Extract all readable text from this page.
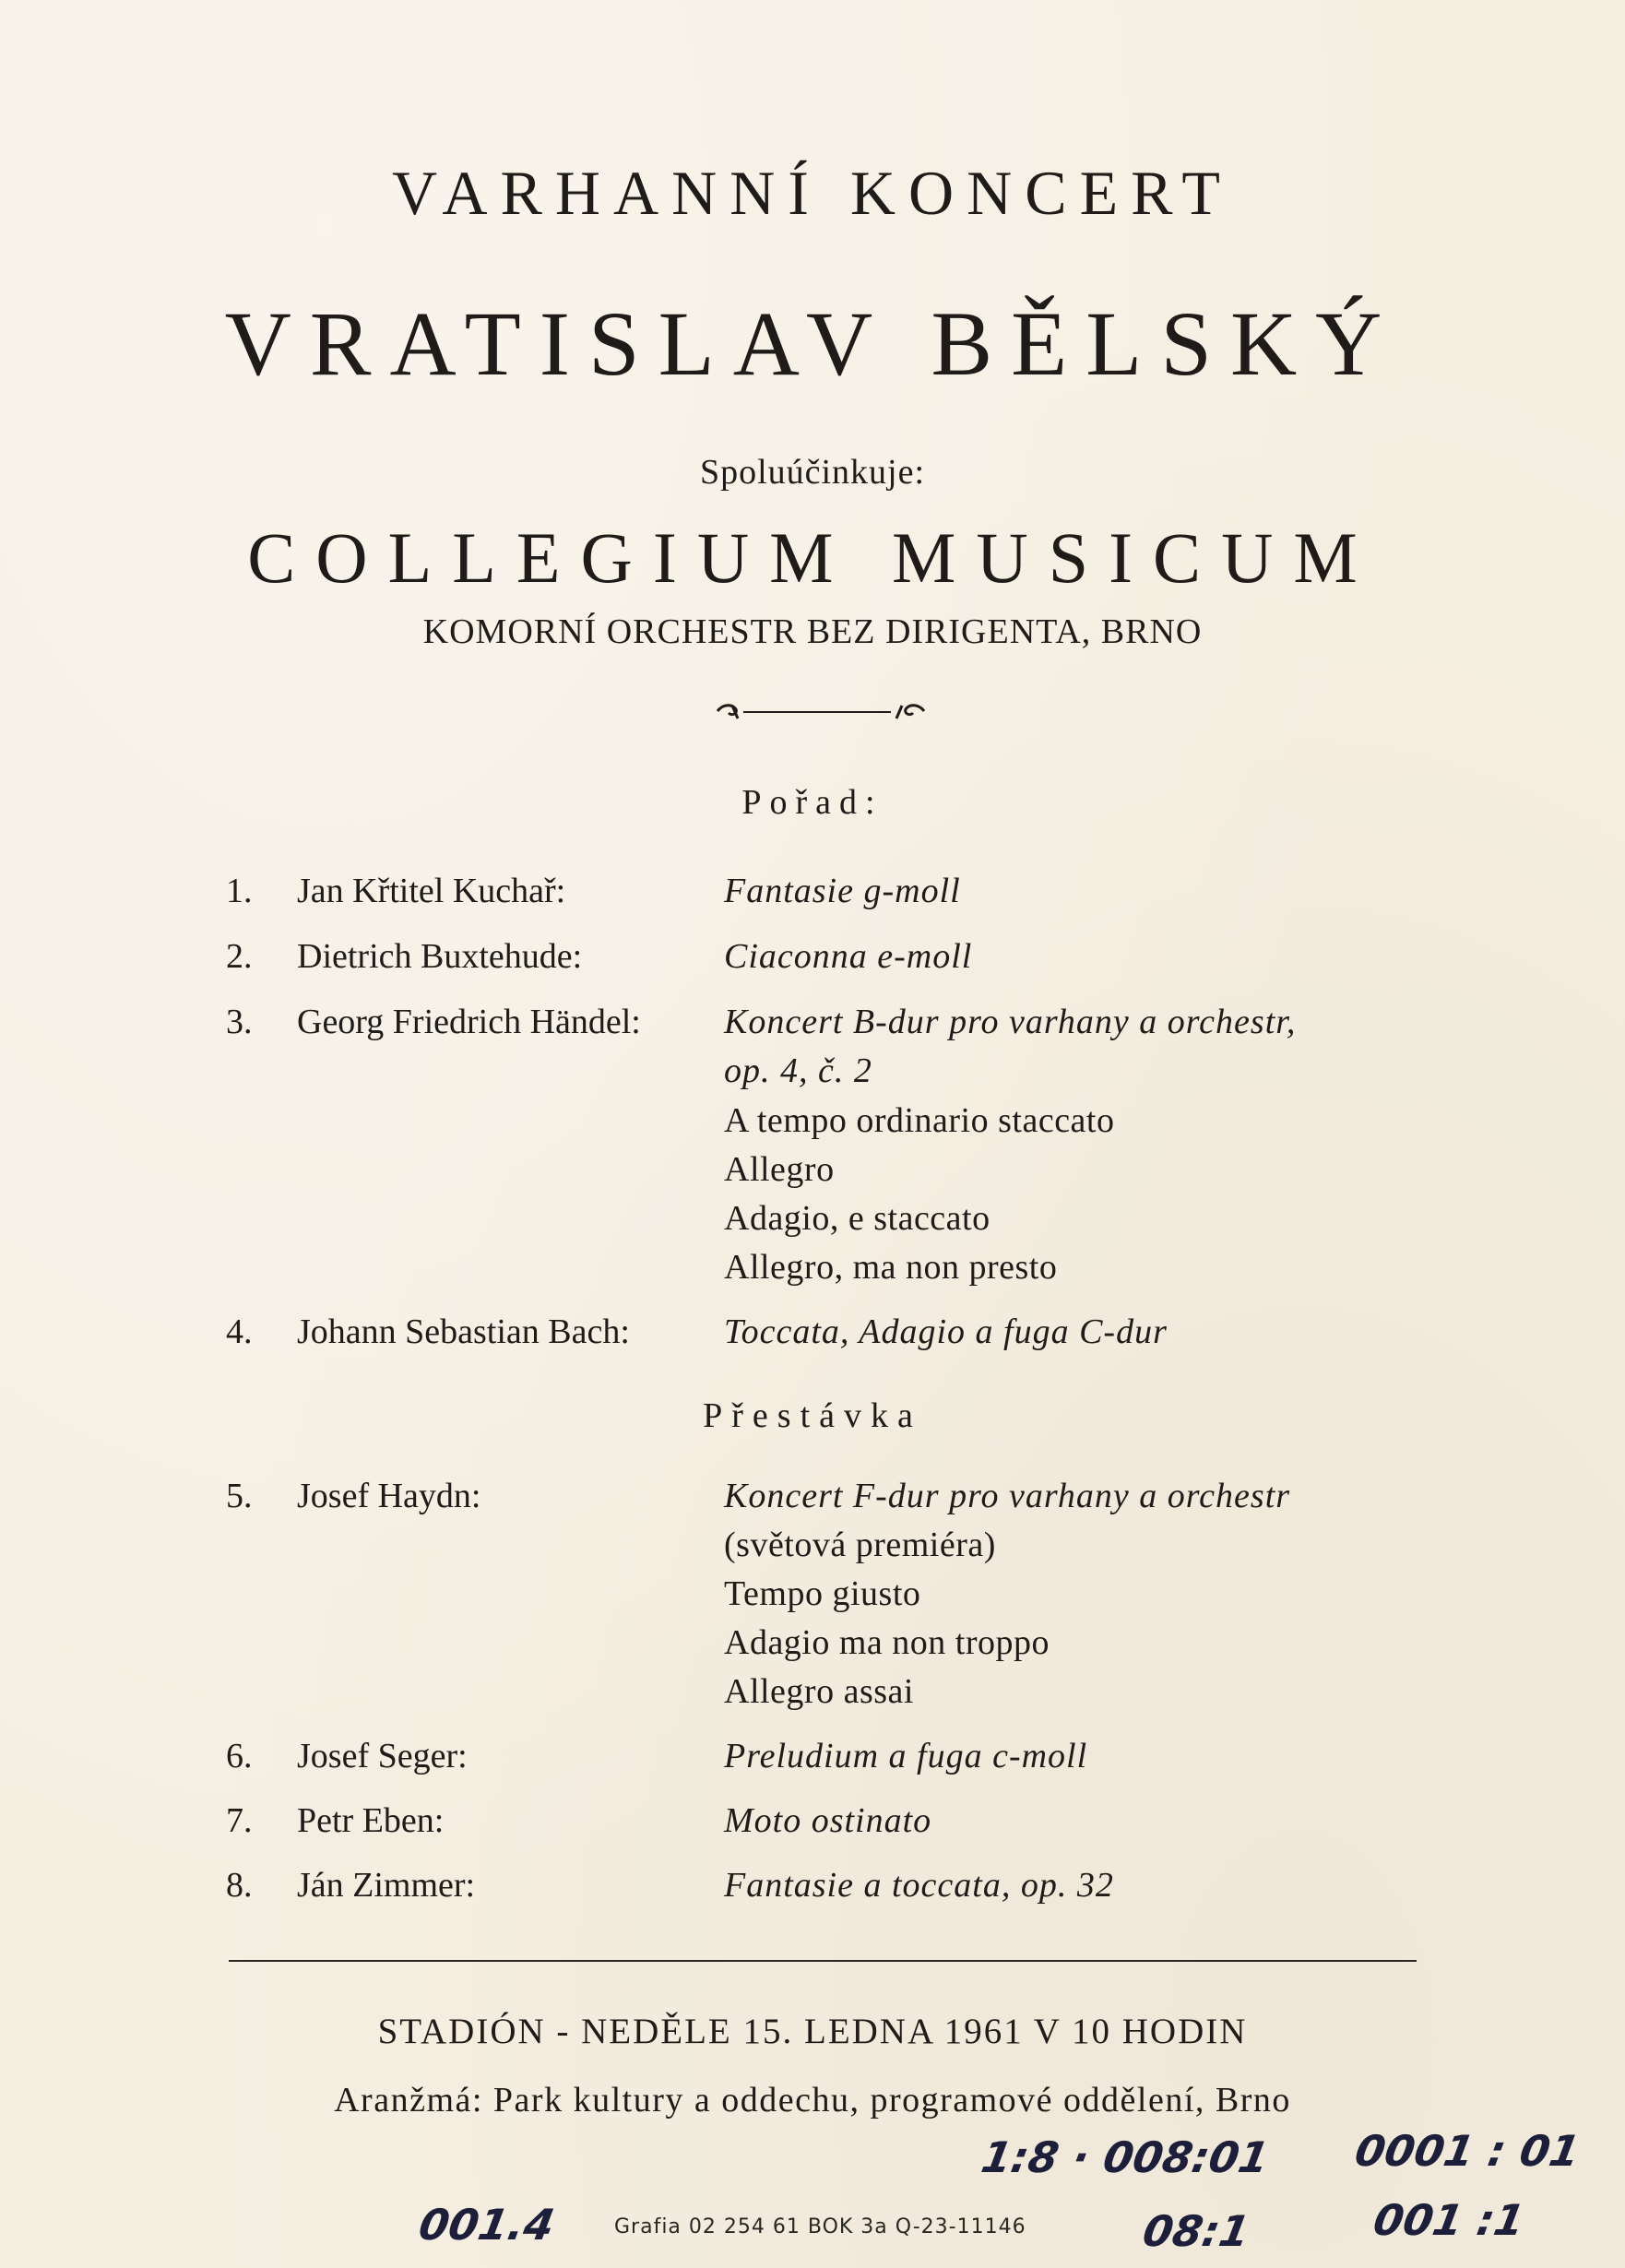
VARHANNÍ KONCERT
VRATISLAV BĚLSKÝ
Spoluúčinkuje:
COLLEGIUM MUSICUM
KOMORNÍ ORCHESTR BEZ DIRIGENTA, BRNO
Pořad:
1. Jan Křtitel Kuchař:	Fantasie g-moll
2. Dietrich Buxtehude:	Ciaconna e-moll
3. Georg Friedrich Händel: Koncert B-dur pro varhany a orchestr,
op. 4, č. 2
A tempo ordinario staccato
Allegro
Adagio, e staccato
Allegro, ma non presto
4. Johann Sebastian Bach:	Toccata, Adagio a fuga C-dur
5. Josef Haydn:	Koncert F-dur pro varhany a orchestr
(světová premiéra)
Tempo giusto
Adagio ma non troppo
Allegro assai
6. Josef Seger:	Preludium a fuga c-moll
7. Petr Eben:	Moto ostinato
8. Ján Zimmer:	Fantasie a toccata, op. 32
Přestávka
STADIÓN - NEDĚLE 15. LEDNA 1961 V 10 HODIN
Aranžmá: Park kultury a oddechu, programové oddělení, Brno
Grafia 02 254 61 BOK 3a Q-23-11146
1:8 · 008:01 0001 : 01
001.4	08:1	001 :1
